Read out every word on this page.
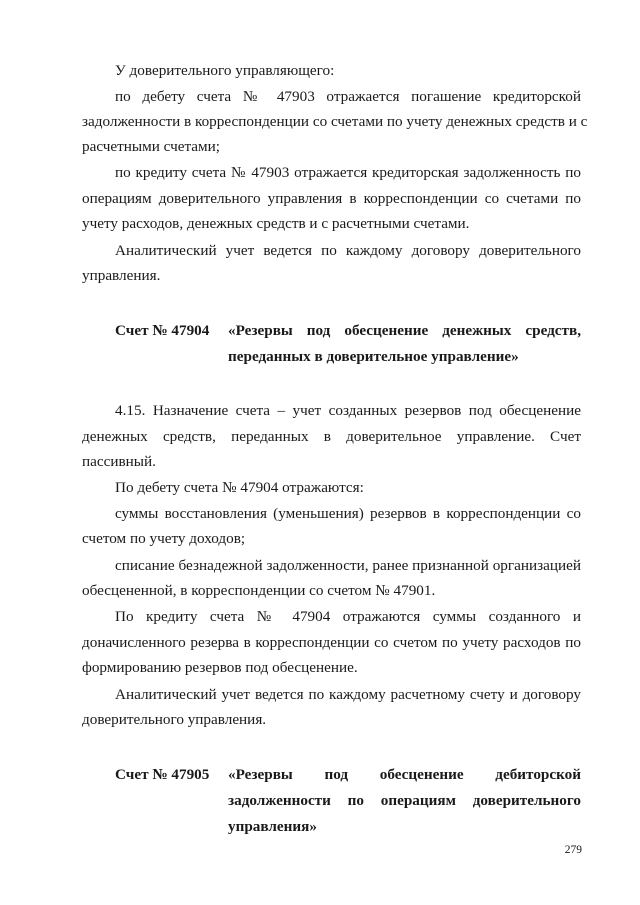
У доверительного управляющего:
по дебету счета № 47903 отражается погашение кредиторской
задолженности в корреспонденции со счетами по учету денежных средств и с
расчетными счетами;
по кредиту счета № 47903 отражается кредиторская задолженность по
операциям доверительного управления в корреспонденции со счетами по
учету расходов, денежных средств и с расчетными счетами.
Аналитический учет ведется по каждому договору доверительного
управления.
Счет № 47904 «Резервы под обесценение денежных средств,
переданных в доверительное управление»
4.15. Назначение счета – учет созданных резервов под обесценение
денежных средств, переданных в доверительное управление. Счет
пассивный.
По дебету счета № 47904 отражаются:
суммы восстановления (уменьшения) резервов в корреспонденции со
счетом по учету доходов;
списание безнадежной задолженности, ранее признанной организацией
обесцененной, в корреспонденции со счетом № 47901.
По кредиту счета № 47904 отражаются суммы созданного и
доначисленного резерва в корреспонденции со счетом по учету расходов по
формированию резервов под обесценение.
Аналитический учет ведется по каждому расчетному счету и договору
доверительного управления.
Счет № 47905 «Резервы под обесценение дебиторской
задолженности по операциям доверительного
управления»
279
